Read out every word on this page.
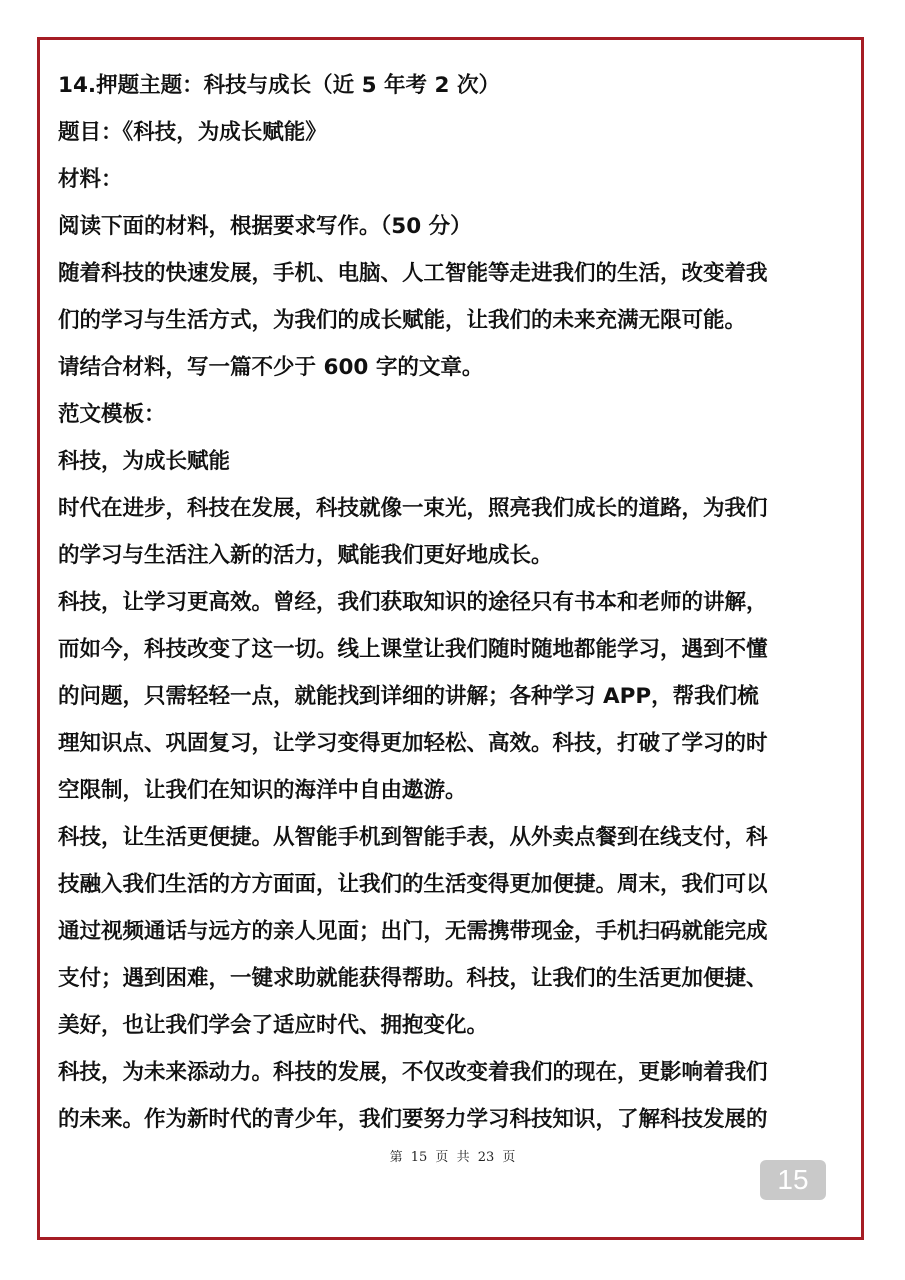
14.押题主题：科技与成长（近 5 年考 2 次）
题目：《科技，为成长赋能》
材料：
阅读下面的材料，根据要求写作。（50 分）
随着科技的快速发展，手机、电脑、人工智能等走进我们的生活，改变着我
们的学习与生活方式，为我们的成长赋能，让我们的未来充满无限可能。
请结合材料，写一篇不少于 600 字的文章。
范文模板：
科技，为成长赋能
时代在进步，科技在发展，科技就像一束光，照亮我们成长的道路，为我们
的学习与生活注入新的活力，赋能我们更好地成长。
科技，让学习更高效。曾经，我们获取知识的途径只有书本和老师的讲解，
而如今，科技改变了这一切。线上课堂让我们随时随地都能学习，遇到不懂
的问题，只需轻轻一点，就能找到详细的讲解；各种学习 APP，帮我们梳
理知识点、巩固复习，让学习变得更加轻松、高效。科技，打破了学习的时
空限制，让我们在知识的海洋中自由遨游。
科技，让生活更便捷。从智能手机到智能手表，从外卖点餐到在线支付，科
技融入我们生活的方方面面，让我们的生活变得更加便捷。周末，我们可以
通过视频通话与远方的亲人见面；出门，无需携带现金，手机扫码就能完成
支付；遇到困难，一键求助就能获得帮助。科技，让我们的生活更加便捷、
美好，也让我们学会了适应时代、拥抱变化。
科技，为未来添动力。科技的发展，不仅改变着我们的现在，更影响着我们
的未来。作为新时代的青少年，我们要努力学习科技知识，了解科技发展的
第 15 页 共 23 页
15
